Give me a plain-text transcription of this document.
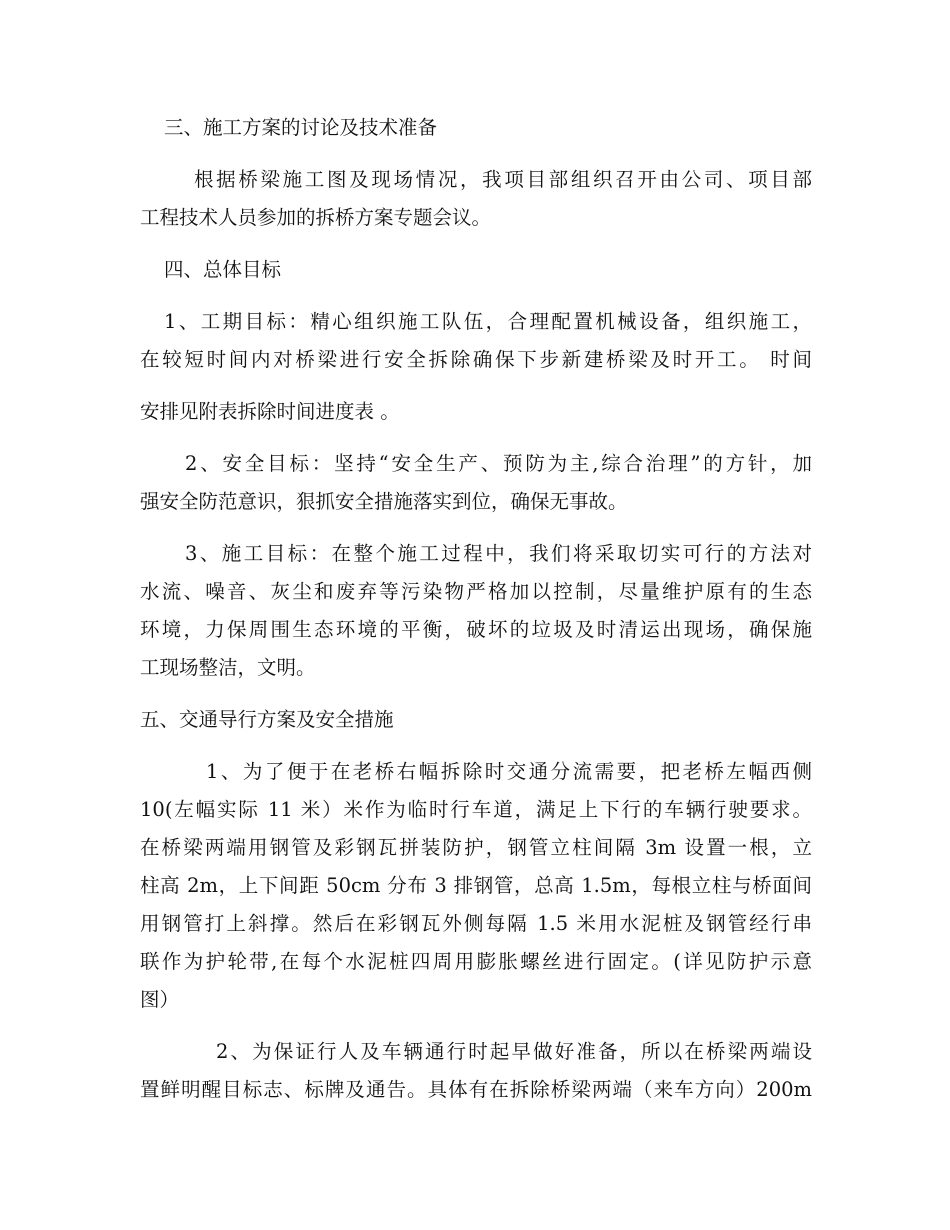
三、施工方案的讨论及技术准备
根据桥梁施工图及现场情况，我项目部组织召开由公司、项目部
工程技术人员参加的拆桥方案专题会议。
四、总体目标
1、工期目标：精心组织施工队伍，合理配置机械设备，组织施工，
在较短时间内对桥梁进行安全拆除确保下步新建桥梁及时开工。 时间
安排见附表拆除时间进度表 。
2、安全目标：坚持“安全生产、预防为主,综合治理”的方针，加
强安全防范意识，狠抓安全措施落实到位，确保无事故。
3、施工目标：在整个施工过程中，我们将采取切实可行的方法对
水流、噪音、灰尘和废弃等污染物严格加以控制，尽量维护原有的生态
环境，力保周围生态环境的平衡，破坏的垃圾及时清运出现场，确保施
工现场整洁，文明。
五、交通导行方案及安全措施
1、为了便于在老桥右幅拆除时交通分流需要，把老桥左幅西侧
10(左幅实际 11 米）米作为临时行车道，满足上下行的车辆行驶要求。
在桥梁两端用钢管及彩钢瓦拼装防护，钢管立柱间隔 3m 设置一根，立
柱高 2m，上下间距 50cm 分布 3 排钢管，总高 1.5m，每根立柱与桥面间
用钢管打上斜撑。然后在彩钢瓦外侧每隔 1.5 米用水泥桩及钢管经行串
联作为护轮带,在每个水泥桩四周用膨胀螺丝进行固定。(详见防护示意
图）
2、为保证行人及车辆通行时起早做好准备，所以在桥梁两端设
置鲜明醒目标志、标牌及通告。具体有在拆除桥梁两端（来车方向）200m
